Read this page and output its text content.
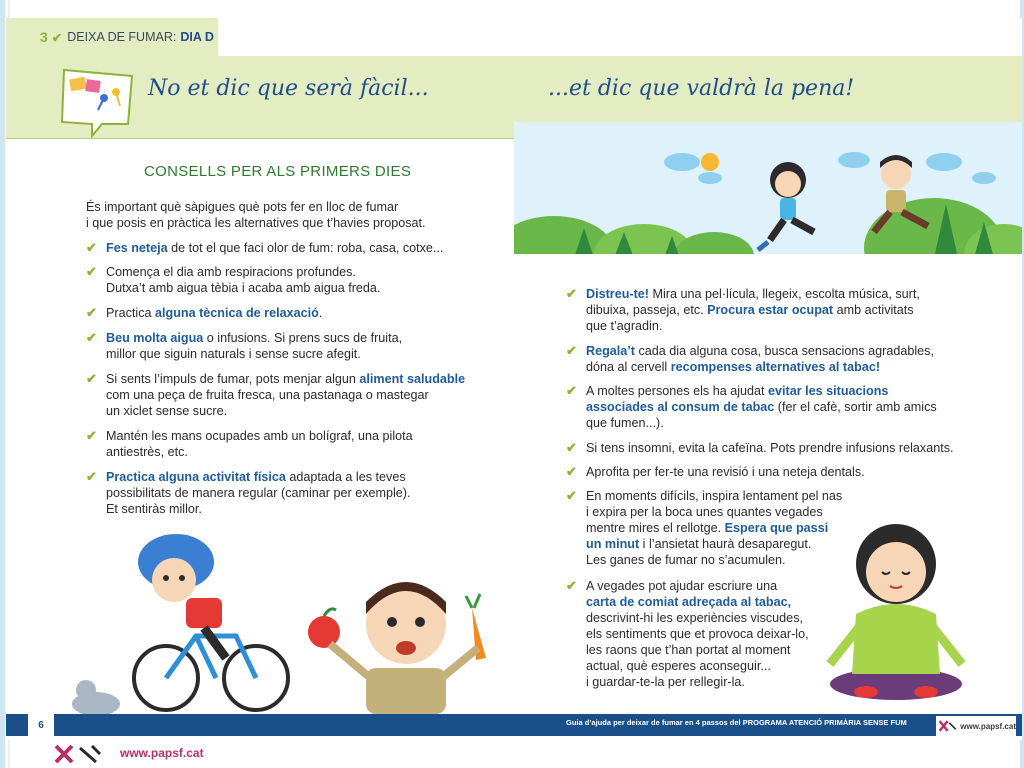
3 ✔ DEIXA DE FUMAR: DIA D
No et dic que serà fàcil...	...et dic que valdrà la pena!
CONSELLS PER ALS PRIMERS DIES
És important què sàpigues què pots fer en lloc de fumar
i que posis en pràctica les alternatives que t’havies proposat.
✔ Fes neteja de tot el que faci olor de fum: roba, casa, cotxe...
✔ Comença el dia amb respiracions profundes.
Dutxa’t amb aigua tèbia i acaba amb aigua freda.
✔ Practica alguna tècnica de relaxació.
✔ Beu molta aigua o infusions. Si prens sucs de fruita,
millor que siguin naturals i sense sucre afegit.
✔ Si sents l’impuls de fumar, pots menjar algun aliment saludable
com una peça de fruita fresca, una pastanaga o mastegar
un xiclet sense sucre.
✔ Mantén les mans ocupades amb un bolígraf, una pilota
antiestrès, etc.
✔ Practica alguna activitat física adaptada a les teves
possibilitats de manera regular (caminar per exemple).
Et sentiràs millor.
✔ Distreu-te! Mira una pel·lícula, llegeix, escolta música, surt,
dibuixa, passeja, etc. Procura estar ocupat amb activitats
que t’agradin.
✔ Regala’t cada dia alguna cosa, busca sensacions agradables,
dóna al cervell recompenses alternatives al tabac!
✔ A moltes persones els ha ajudat evitar les situacions
associades al consum de tabac (fer el cafè, sortir amb amics
que fumen...).
✔ Si tens insomni, evita la cafeïna. Pots prendre infusions relaxants.
✔ Aprofita per fer-te una revisió i una neteja dentals.
✔ En moments difícils, inspira lentament pel nas
i expira per la boca unes quantes vegades
mentre mires el rellotge. Espera que passi
un minut i l’ansietat haurà desaparegut.
Les ganes de fumar no s’acumulen.
✔ A vegades pot ajudar escriure una
carta de comiat adreçada al tabac,
descrivint-hi les experiències viscudes,
els sentiments que et provoca deixar-lo,
les raons que t’han portat al moment
actual, què esperes aconseguir...
i guardar-te-la per rellegir-la.
6	Guia d’ajuda per deixar de fumar en 4 passos del PROGRAMA ATENCIÓ PRIMÀRIA SENSE FUM	www.papsf.cat
www.papsf.cat
